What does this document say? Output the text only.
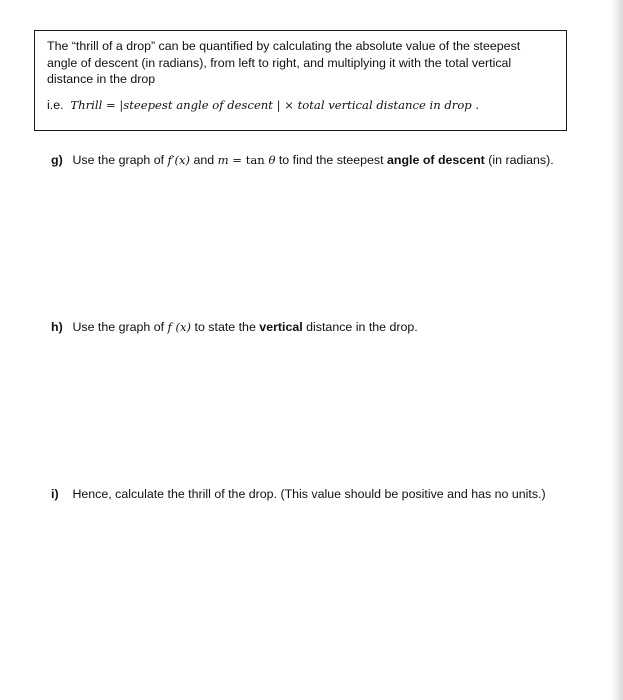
The “thrill of a drop” can be quantified by calculating the absolute value of the steepest angle of descent (in radians), from left to right, and multiplying it with the total vertical distance in the drop
i.e. Thrill = |steepest angle of descent | × total vertical distance in drop .
g) Use the graph of f′(x) and m = tan θ to find the steepest angle of descent (in radians).
h) Use the graph of f (x) to state the vertical distance in the drop.
i) Hence, calculate the thrill of the drop. (This value should be positive and has no units.)
